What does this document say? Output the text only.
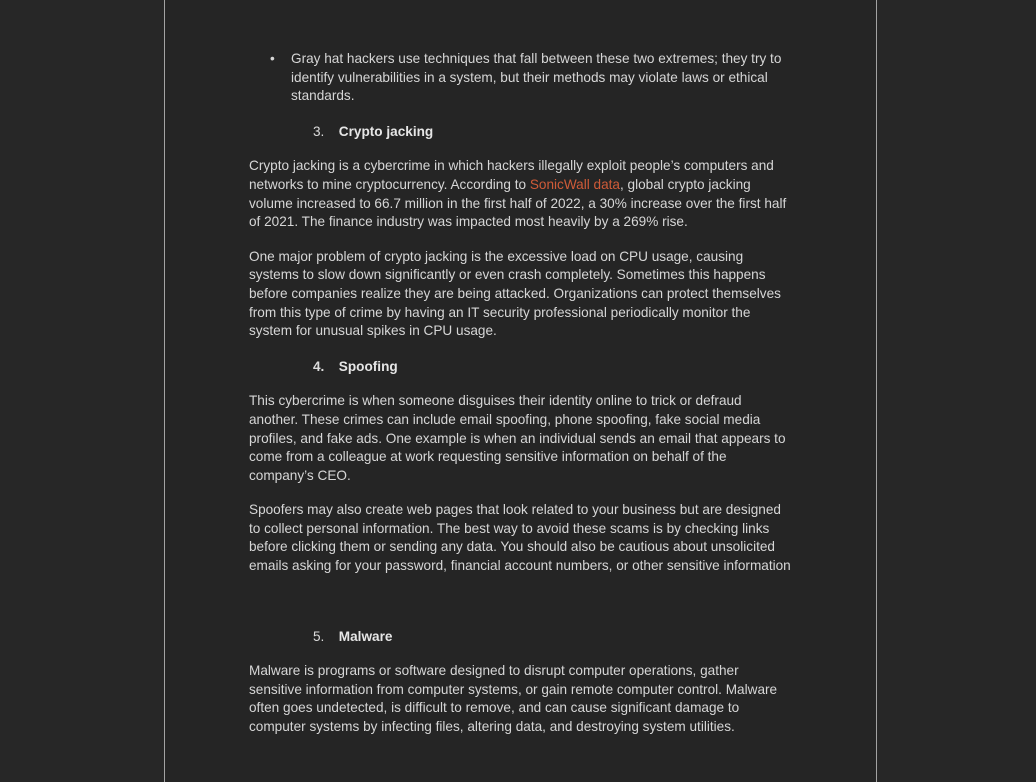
• Gray hat hackers use techniques that fall between these two extremes; they try to identify vulnerabilities in a system, but their methods may violate laws or ethical standards.
3. Crypto jacking

Crypto jacking is a cybercrime in which hackers illegally exploit people’s computers and networks to mine cryptocurrency. According to SonicWall data, global crypto jacking volume increased to 66.7 million in the first half of 2022, a 30% increase over the first half of 2021. The finance industry was impacted most heavily by a 269% rise.

One major problem of crypto jacking is the excessive load on CPU usage, causing systems to slow down significantly or even crash completely. Sometimes this happens before companies realize they are being attacked. Organizations can protect themselves from this type of crime by having an IT security professional periodically monitor the system for unusual spikes in CPU usage.

4. Spoofing

This cybercrime is when someone disguises their identity online to trick or defraud another. These crimes can include email spoofing, phone spoofing, fake social media profiles, and fake ads. One example is when an individual sends an email that appears to come from a colleague at work requesting sensitive information on behalf of the company’s CEO.

Spoofers may also create web pages that look related to your business but are designed to collect personal information. The best way to avoid these scams is by checking links before clicking them or sending any data. You should also be cautious about unsolicited emails asking for your password, financial account numbers, or other sensitive information

5. Malware

Malware is programs or software designed to disrupt computer operations, gather sensitive information from computer systems, or gain remote computer control. Malware often goes undetected, is difficult to remove, and can cause significant damage to computer systems by infecting files, altering data, and destroying system utilities.
